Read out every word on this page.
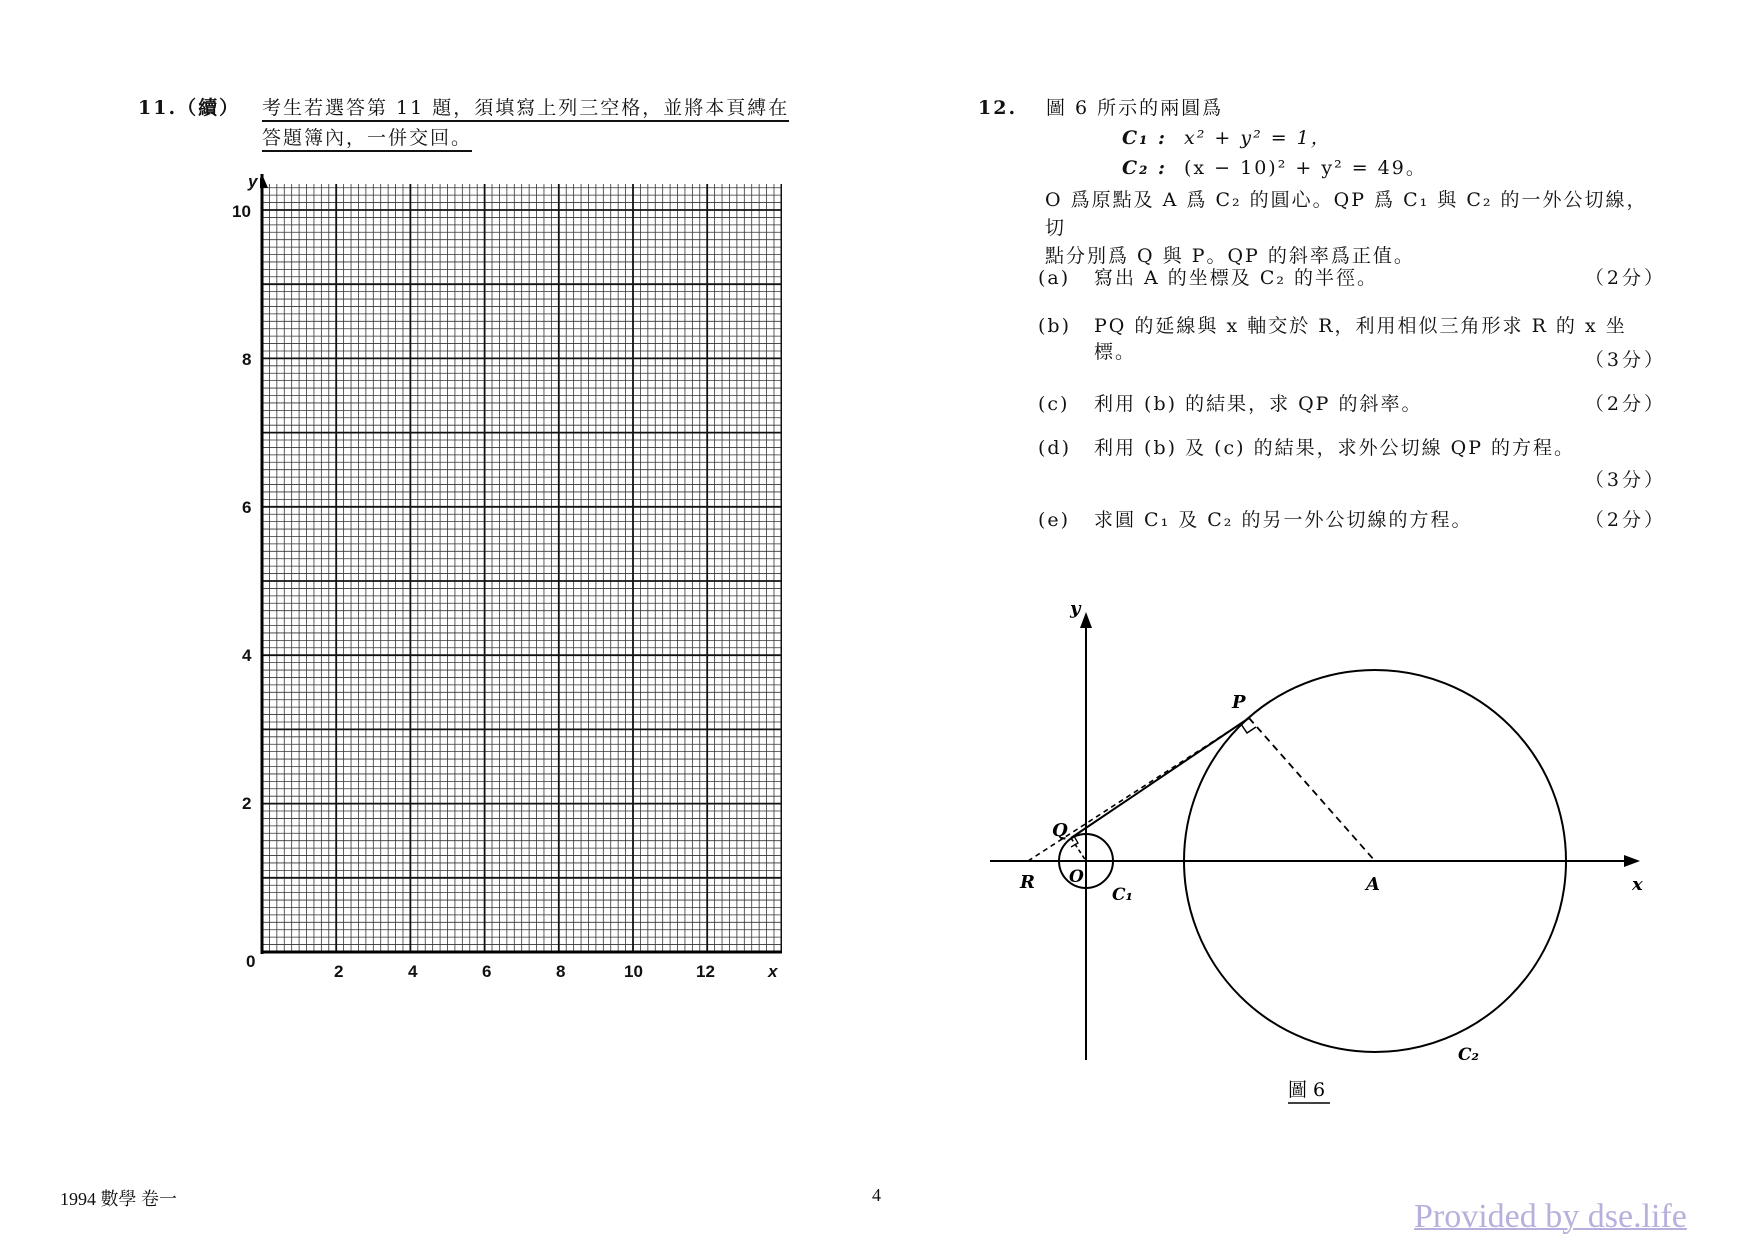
11.（續） 考生若選答第 11 題，須填寫上列三空格，並將本頁縛在
答題簿內，一併交回。
y
10
8
6
4
2
0
2	4	6	8	10	12	x
12. 圖 6 所示的兩圓爲
C₁ : x² + y² = 1，
C₂ : (x − 10)² + y² = 49。
O 爲原點及 A 爲 C₂ 的圓心。QP 爲 C₁ 與 C₂ 的一外公切線，切
點分別爲 Q 與 P。QP 的斜率爲正值。
(a) 寫出 A 的坐標及 C₂ 的半徑。	（2分）
(b) PQ 的延線與 x 軸交於 R，利用相似三角形求 R 的 x 坐
標。	（3分）
(c) 利用 (b) 的結果，求 QP 的斜率。	（2分）
(d) 利用 (b) 及 (c) 的結果，求外公切線 QP 的方程。
（3分）
(e) 求圓 C₁ 及 C₂ 的另一外公切線的方程。	（2分）
y
x
P
Q
R O	A
C₁
C₂
圖 6
1994 數學 卷一	4
Provided by dse.life
